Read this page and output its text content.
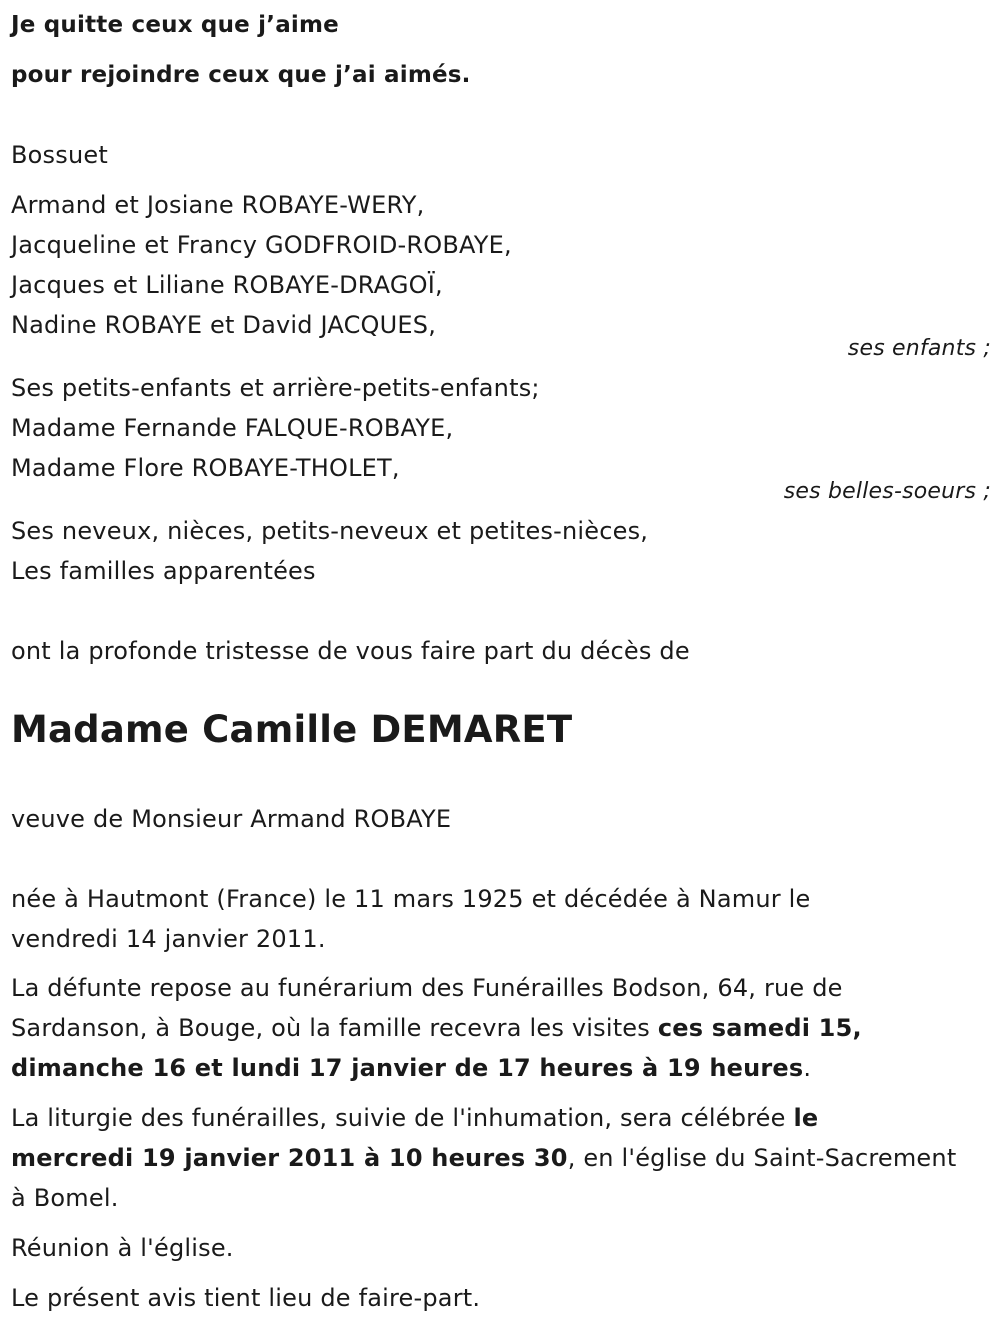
Je quitte ceux que j’aime
pour rejoindre ceux que j’ai aimés.
Bossuet
Armand et Josiane ROBAYE-WERY,
Jacqueline et Francy GODFROID-ROBAYE,
Jacques et Liliane ROBAYE-DRAGOÏ,
Nadine ROBAYE et David JACQUES,
ses enfants ;
Ses petits-enfants et arrière-petits-enfants;
Madame Fernande FALQUE-ROBAYE,
Madame Flore ROBAYE-THOLET,
ses belles-soeurs ;
Ses neveux, nièces, petits-neveux et petites-nièces,
Les familles apparentées
ont la profonde tristesse de vous faire part du décès de
Madame Camille DEMARET
veuve de Monsieur Armand ROBAYE
née à Hautmont (France) le 11 mars 1925 et décédée à Namur le
vendredi 14 janvier 2011.
La défunte repose au funérarium des Funérailles Bodson, 64, rue de
Sardanson, à Bouge, où la famille recevra les visites ces samedi 15,
dimanche 16 et lundi 17 janvier de 17 heures à 19 heures.
La liturgie des funérailles, suivie de l'inhumation, sera célébrée le
mercredi 19 janvier 2011 à 10 heures 30, en l'église du Saint-Sacrement
à Bomel.
Réunion à l'église.
Le présent avis tient lieu de faire-part.
